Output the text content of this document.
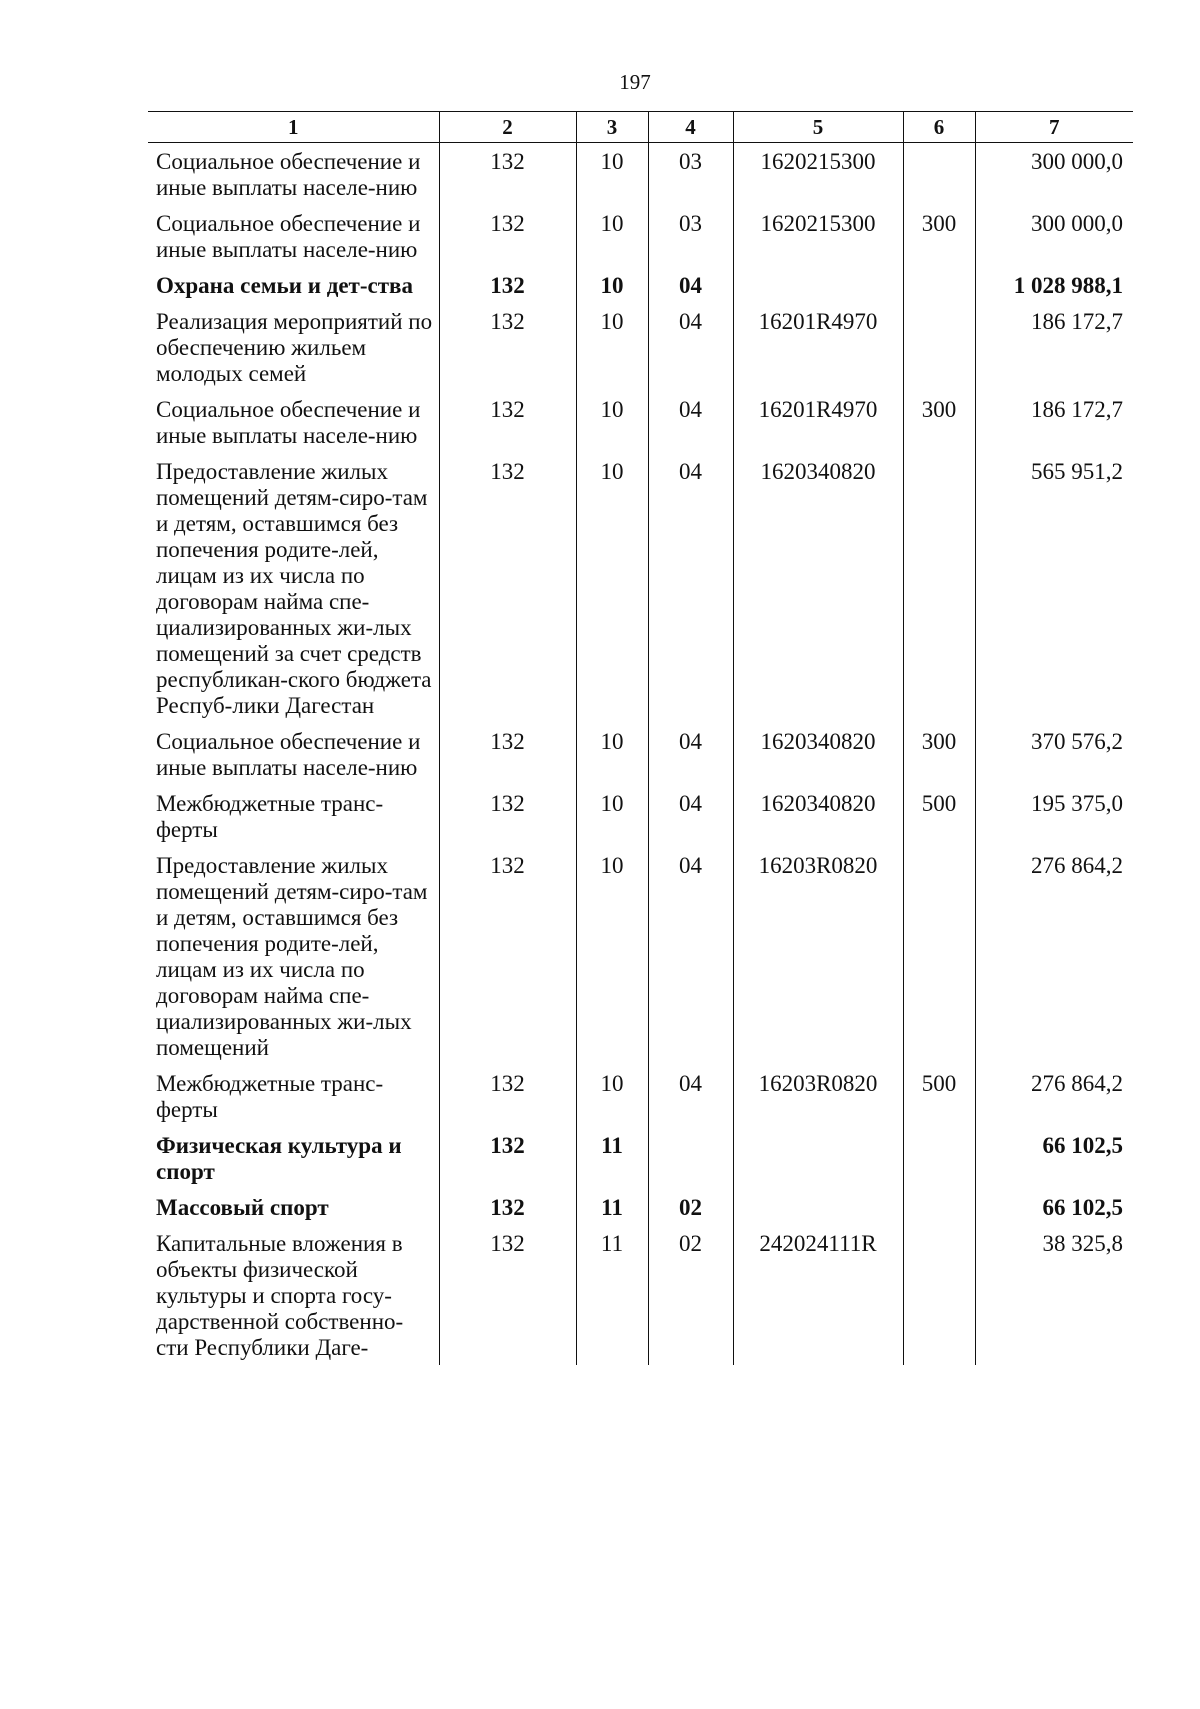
197
1	2	3	4	5	6	7
Социальное обеспечение и иные выплаты населе-нию	132	10	03	1620215300		300 000,0
Социальное обеспечение и иные выплаты населе-нию	132	10	03	1620215300	300	300 000,0
Охрана семьи и дет-ства	132	10	04			1 028 988,1
Реализация мероприятий по обеспечению жильем молодых семей	132	10	04	16201R4970		186 172,7
Социальное обеспечение и иные выплаты населе-нию	132	10	04	16201R4970	300	186 172,7
Предоставление жилых помещений детям-сиро-там и детям, оставшимся без попечения родите-лей, лицам из их числа по договорам найма спе-циализированных жи-лых помещений за счет средств республикан-ского бюджета Респуб-лики Дагестан	132	10	04	1620340820		565 951,2
Социальное обеспечение и иные выплаты населе-нию	132	10	04	1620340820	300	370 576,2
Межбюджетные транс-ферты	132	10	04	1620340820	500	195 375,0
Предоставление жилых помещений детям-сиро-там и детям, оставшимся без попечения родите-лей, лицам из их числа по договорам найма спе-циализированных жи-лых помещений	132	10	04	16203R0820		276 864,2
Межбюджетные транс-ферты	132	10	04	16203R0820	500	276 864,2
Физическая культура и спорт	132	11				66 102,5
Массовый спорт	132	11	02			66 102,5
Капитальные вложения в объекты физической культуры и спорта госу-дарственной собственно-сти Республики Даге-	132	11	02	242024111R		38 325,8
